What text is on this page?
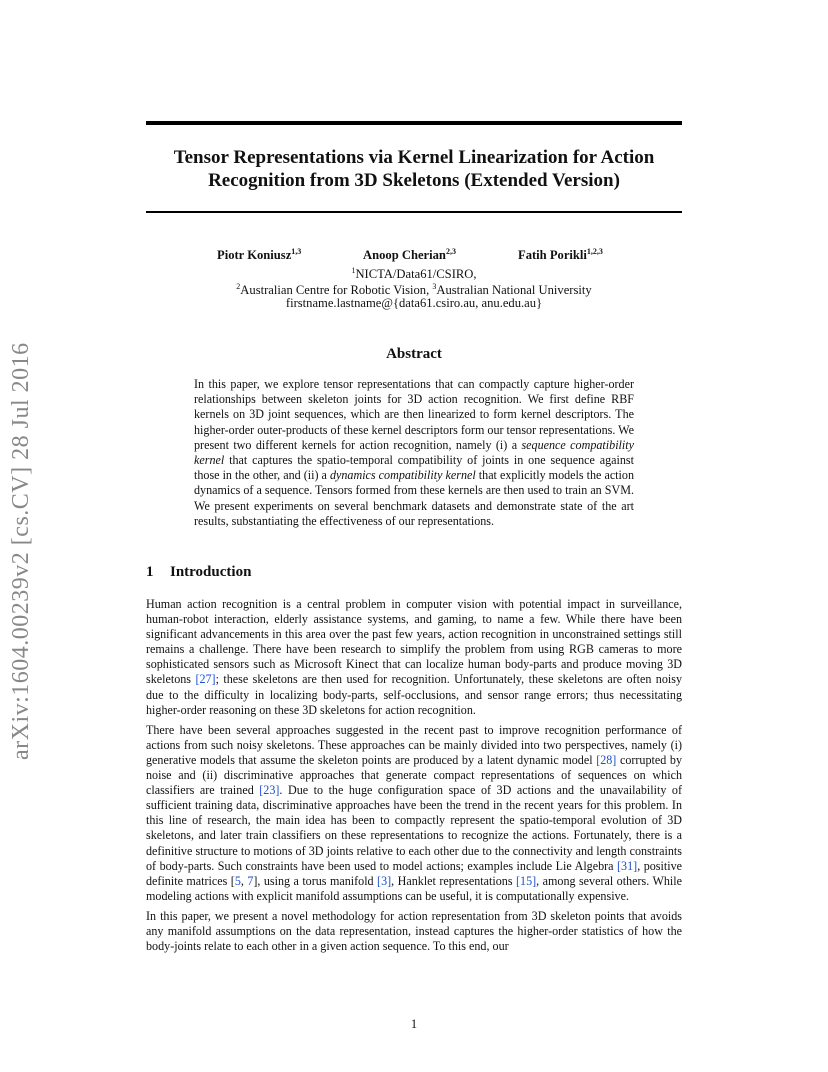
arXiv:1604.00239v2 [cs.CV] 28 Jul 2016
Tensor Representations via Kernel Linearization for Action
Recognition from 3D Skeletons (Extended Version)
Piotr Koniusz$^{1,3}$	Anoop Cherian$^{2,3}$	Fatih Porikli$^{1,2,3}$
$^1$NICTA/Data61/CSIRO,
$^2$Australian Centre for Robotic Vision, $^3$Australian National University
firstname.lastname@{data61.csiro.au, anu.edu.au}
Abstract
In this paper, we explore tensor representations that can compactly capture higher-order relationships between skeleton joints for 3D action recognition. We first define RBF kernels on 3D joint sequences, which are then linearized to form kernel descriptors. The higher-order outer-products of these kernel descriptors form our tensor representations. We present two different kernels for action recognition, namely (i) a sequence compatibility kernel that captures the spatio-temporal compatibility of joints in one sequence against those in the other, and (ii) a dynamics compatibility kernel that explicitly models the action dynamics of a sequence. Tensors formed from these kernels are then used to train an SVM. We present experiments on several benchmark datasets and demonstrate state of the art results, substantiating the effectiveness of our representations.
1 Introduction

Human action recognition is a central problem in computer vision with potential impact in surveillance, human-robot interaction, elderly assistance systems, and gaming, to name a few. While there have been significant advancements in this area over the past few years, action recognition in unconstrained settings still remains a challenge. There have been research to simplify the problem from using RGB cameras to more sophisticated sensors such as Microsoft Kinect that can localize human body-parts and produce moving 3D skeletons [27]; these skeletons are then used for recognition. Unfortunately, these skeletons are often noisy due to the difficulty in localizing body-parts, self-occlusions, and sensor range errors; thus necessitating higher-order reasoning on these 3D skeletons for action recognition.

There have been several approaches suggested in the recent past to improve recognition performance of actions from such noisy skeletons. These approaches can be mainly divided into two perspectives, namely (i) generative models that assume the skeleton points are produced by a latent dynamic model [28] corrupted by noise and (ii) discriminative approaches that generate compact representations of sequences on which classifiers are trained [23]. Due to the huge configuration space of 3D actions and the unavailability of sufficient training data, discriminative approaches have been the trend in the recent years for this problem. In this line of research, the main idea has been to compactly represent the spatio-temporal evolution of 3D skeletons, and later train classifiers on these representations to recognize the actions. Fortunately, there is a definitive structure to motions of 3D joints relative to each other due to the connectivity and length constraints of body-parts. Such constraints have been used to model actions; examples include Lie Algebra [31], positive definite matrices [5, 7], using a torus manifold [3], Hanklet representations [15], among several others. While modeling actions with explicit manifold assumptions can be useful, it is computationally expensive.

In this paper, we present a novel methodology for action representation from 3D skeleton points that avoids any manifold assumptions on the data representation, instead captures the higher-order statistics of how the body-joints relate to each other in a given action sequence. To this end, our

1
